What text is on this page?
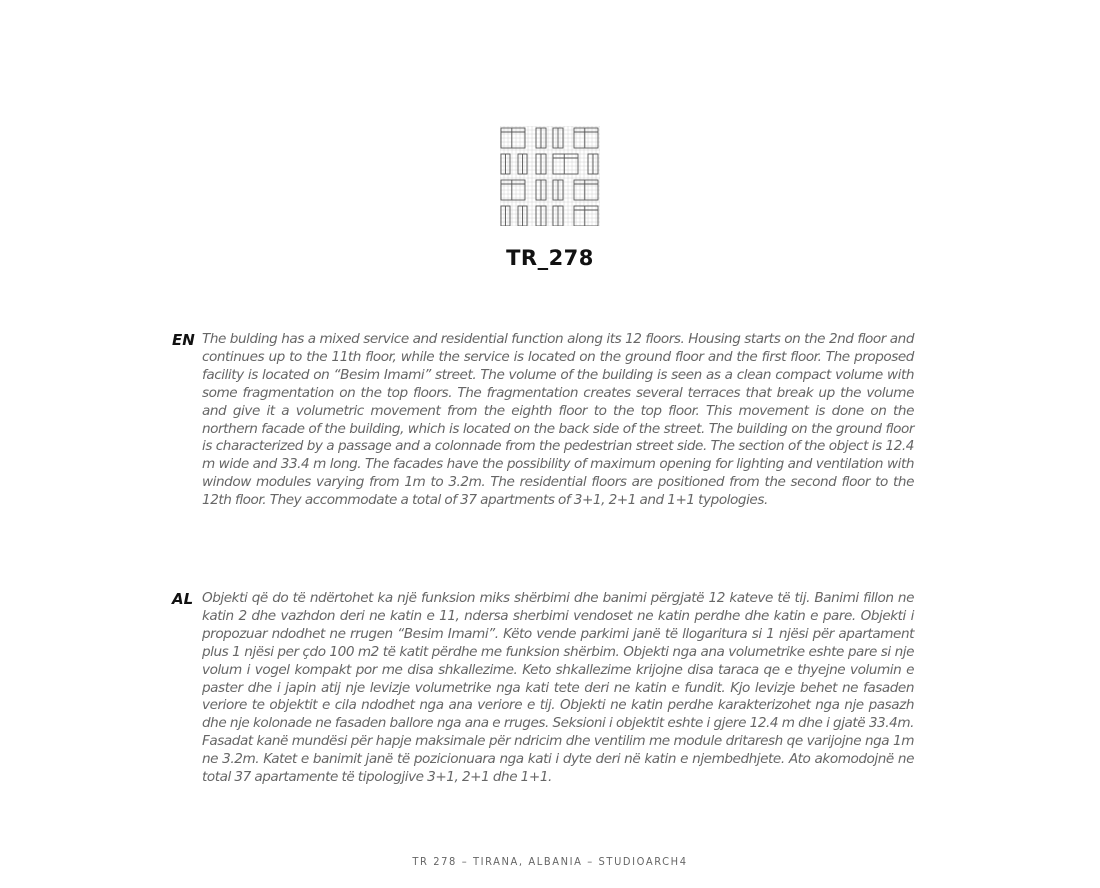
TR_278
EN The bulding has a mixed service and residential function along its 12 floors. Housing starts on the 2nd floor and continues up to the 11th floor, while the service is located on the ground floor and the first floor. The proposed facility is located on “Besim Imami” street. The volume of the building is seen as a clean compact volume with some fragmentation on the top floors. The fragmentation creates several terraces that break up the volume and give it a volumetric movement from the eighth floor to the top floor. This movement is done on the northern facade of the building, which is located on the back side of the street. The building on the ground floor is characterized by a passage and a colonnade from the pedestrian street side. The section of the object is 12.4 m wide and 33.4 m long. The facades have the possibility of maximum opening for lighting and ventilation with window modules varying from 1m to 3.2m. The residential floors are positioned from the second floor to the 12th floor. They accommodate a total of 37 apartments of 3+1, 2+1 and 1+1 typologies.
AL Objekti që do të ndërtohet ka një funksion miks shërbimi dhe banimi përgjatë 12 kateve të tij. Banimi fillon ne katin 2 dhe vazhdon deri ne katin e 11, ndersa sherbimi vendoset ne katin perdhe dhe katin e pare. Objekti i propozuar ndodhet ne rrugen “Besim Imami”. Këto vende parkimi janë të llogaritura si 1 njësi për apartament plus 1 njësi per çdo 100 m2 të katit përdhe me funksion shërbim. Objekti nga ana volumetrike eshte pare si nje volum i vogel kompakt por me disa shkallezime. Keto shkallezime krijojne disa taraca qe e thyejne volumin e paster dhe i japin atij nje levizje volumetrike nga kati tete deri ne katin e fundit. Kjo levizje behet ne fasaden veriore te objektit e cila ndodhet nga ana veriore e tij. Objekti ne katin perdhe karakterizohet nga nje pasazh dhe nje kolonade ne fasaden ballore nga ana e rruges. Seksioni i objektit eshte i gjere 12.4 m dhe i gjatë 33.4m. Fasadat kanë mundësi për hapje maksimale për ndricim dhe ventilim me module dritaresh qe varijojne nga 1m ne 3.2m. Katet e banimit janë të pozicionuara nga kati i dyte deri në katin e njembedhjete. Ato akomodojnë ne total 37 apartamente të tipologjive 3+1, 2+1 dhe 1+1.
TR 278 – TIRANA, ALBANIA – STUDIOARCH4
